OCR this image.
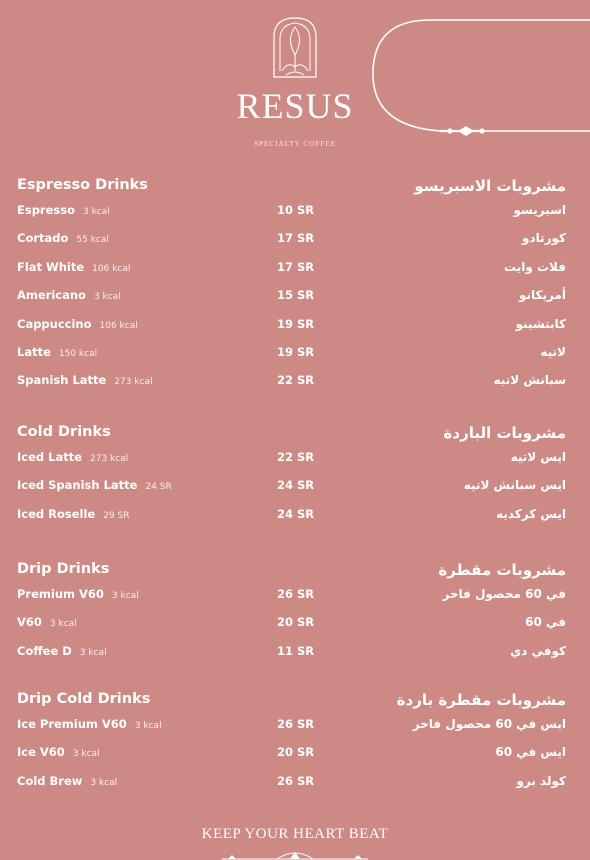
RESUS
SPECIALTY COFFEE
Espresso Drinks	مشروبات الاسبريسو
Espresso 3 kcal	10 SR	اسبريسو
Cortado 55 kcal	17 SR	كورتادو
Flat White 106 kcal	17 SR	فلات وايت
Americano 3 kcal	15 SR	أمريكانو
Cappuccino 106 kcal	19 SR	كابتشينو
Latte 150 kcal	19 SR	لاتيه
Spanish Latte 273 kcal	22 SR	سبانش لاتيه
Cold Drinks	مشروبات الباردة
Iced Latte 273 kcal	22 SR	ايس لاتيه
Iced Spanish Latte 24 SR	24 SR	ايس سبانش لاتيه
Iced Roselle 29 SR	24 SR	ايس كركديه
Drip Drinks	مشروبات مقطرة
Premium V60 3 kcal	26 SR	في 60 محصول فاخر
V60 3 kcal	20 SR	في 60
Coffee D 3 kcal	11 SR	كوفي دي
Drip Cold Drinks	مشروبات مقطرة باردة
Ice Premium V60 3 kcal	26 SR	ايس في 60 محصول فاخر
Ice V60 3 kcal	20 SR	ايس في 60
Cold Brew 3 kcal	26 SR	كولد برو
KEEP YOUR HEART BEAT
